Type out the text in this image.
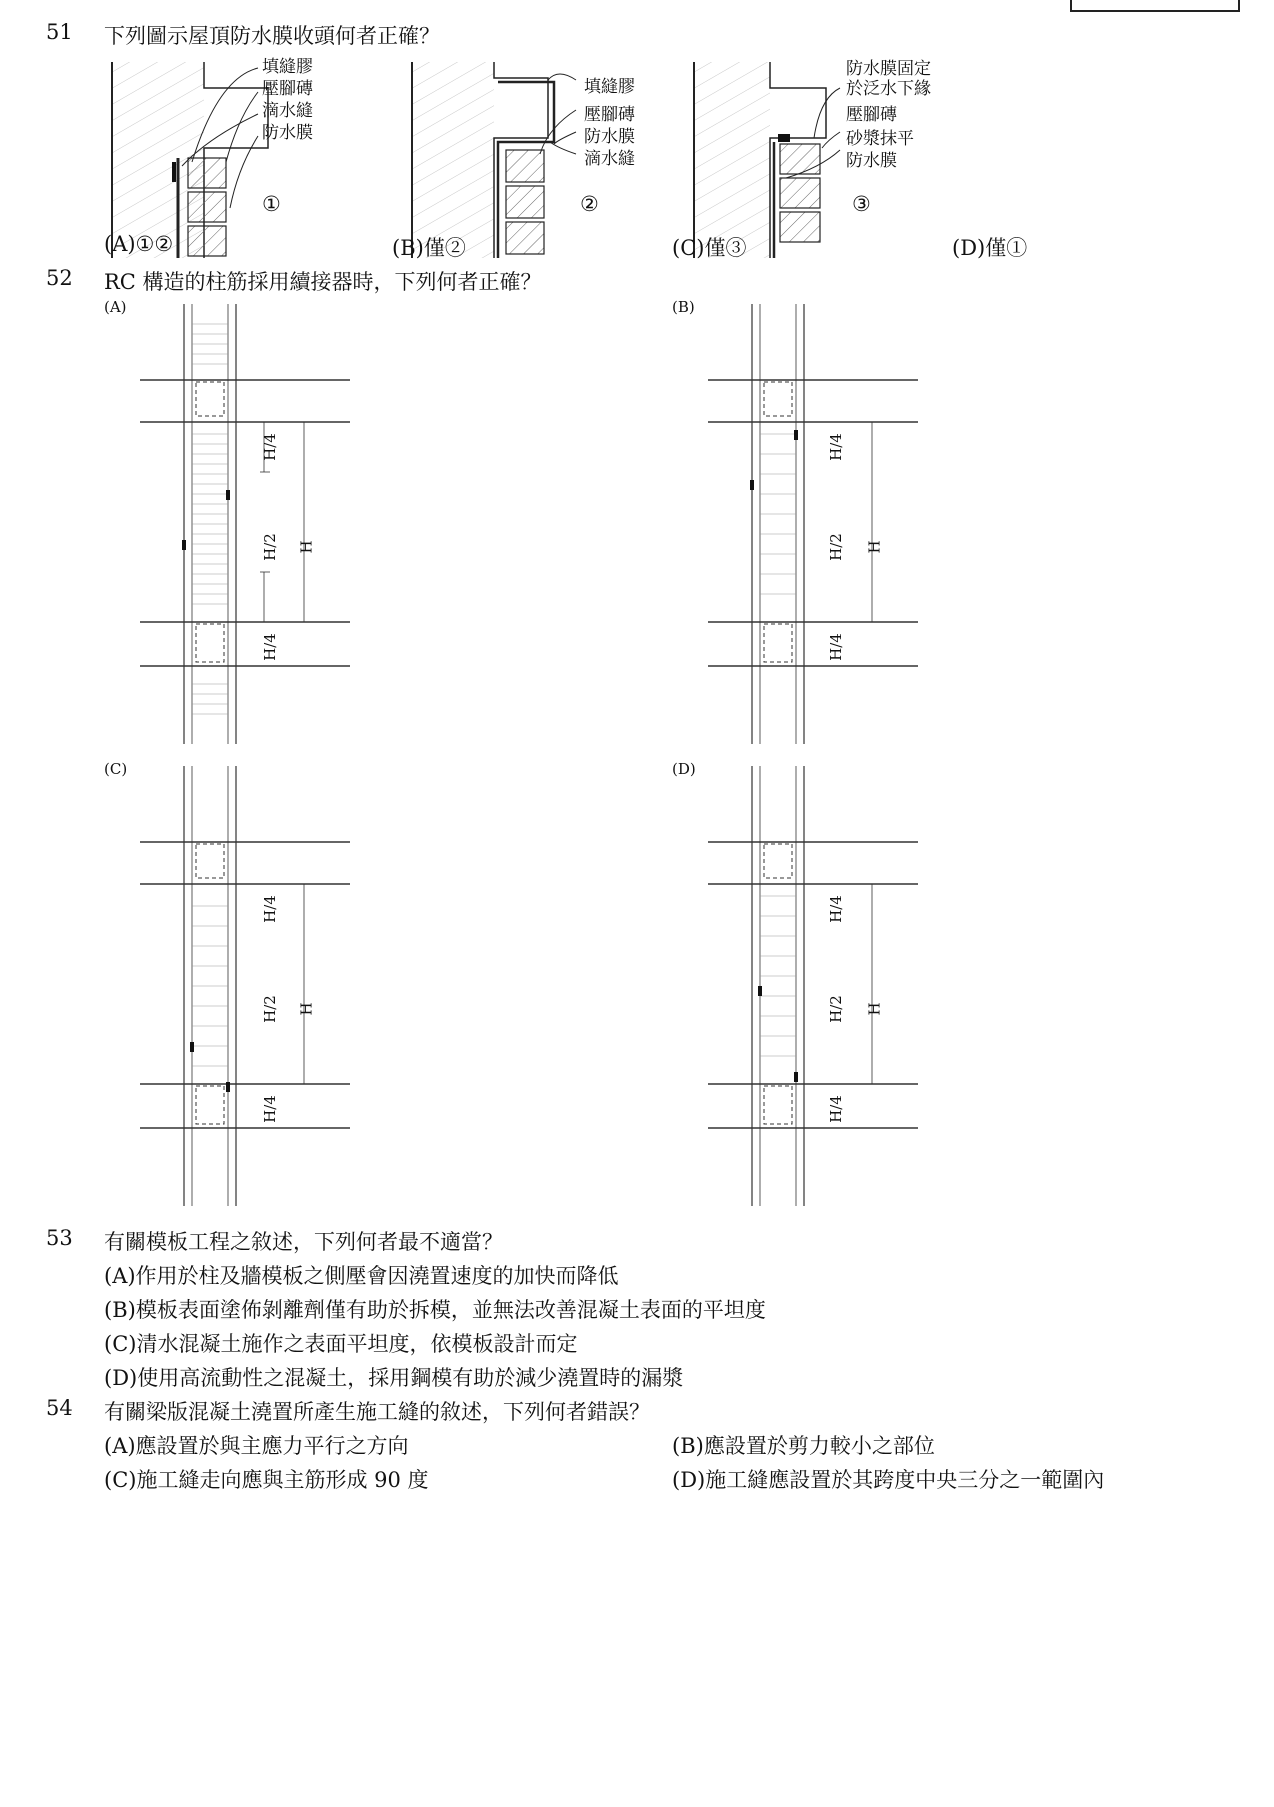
51 下列圖示屋頂防水膜收頭何者正確？
填縫膠
壓腳磚
滴水縫
防水膜
①
填縫膠
壓腳磚
防水膜
滴水縫
②
防水膜固定
於泛水下緣
壓腳磚
砂漿抹平
防水膜
③
(A)①②	(B)僅②	(C)僅③	(D)僅①
52 RC 構造的柱筋採用續接器時，下列何者正確？
(A)	(B)
(C)	(D)
H/4
H/2
H/4
H
H/4
H/2
H/4
H
H/4
H/2
H/4
H
H/4
H/2
H/4
H
53 有關模板工程之敘述，下列何者最不適當？
(A)作用於柱及牆模板之側壓會因澆置速度的加快而降低
(B)模板表面塗佈剝離劑僅有助於拆模，並無法改善混凝土表面的平坦度
(C)清水混凝土施作之表面平坦度，依模板設計而定
(D)使用高流動性之混凝土，採用鋼模有助於減少澆置時的漏漿
54 有關梁版混凝土澆置所產生施工縫的敘述，下列何者錯誤？
(A)應設置於與主應力平行之方向	(B)應設置於剪力較小之部位
(C)施工縫走向應與主筋形成 90 度	(D)施工縫應設置於其跨度中央三分之一範圍內
